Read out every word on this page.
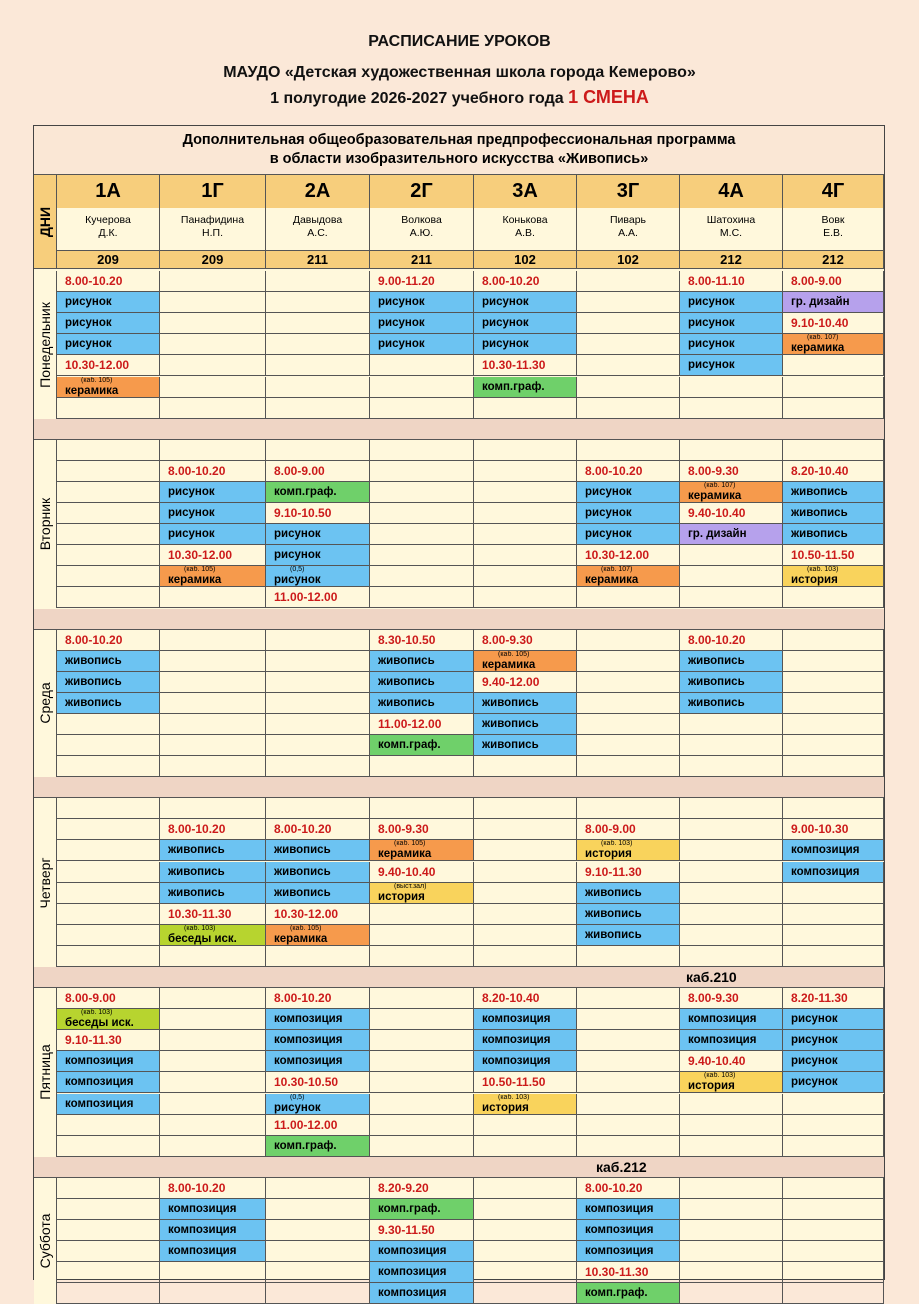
РАСПИСАНИЕ УРОКОВ
МАУДО «Детская художественная школа города Кемерово»
1 полугодие 2026-2027 учебного года 1 СМЕНА
Дополнительная общеобразовательная предпрофессиональная программа
в области изобразительного искусства «Живопись»
ДНИ
1А
Кучерова
Д.К.
209
1Г
Панафидина
Н.П.
209
2А
Давыдова
А.С.
211
2Г
Волкова
А.Ю.
211
3А
Конькова
А.В.
102
3Г
Пиварь
А.А.
102
4А
Шатохина
М.С.
212
4Г
Вовк
Е.В.
212
Понедельник
8.00-10.20
рисунок
рисунок
рисунок
10.30-12.00
(каб. 105)
керамика
9.00-11.20
рисунок
рисунок
рисунок
8.00-10.20
рисунок
рисунок
рисунок
10.30-11.30
комп.граф.
8.00-11.10
рисунок
рисунок
рисунок
рисунок
8.00-9.00
гр. дизайн
9.10-10.40
(каб. 107)
керамика
Вторник
8.00-10.20
рисунок
рисунок
рисунок
10.30-12.00
(каб. 105)
керамика
8.00-9.00
комп.граф.
9.10-10.50
рисунок
рисунок
(0,5)
рисунок
11.00-12.00
8.00-10.20
рисунок
рисунок
рисунок
10.30-12.00
(каб. 107)
керамика
8.00-9.30
(каб. 107)
керамика
9.40-10.40
гр. дизайн
8.20-10.40
живопись
живопись
живопись
10.50-11.50
(каб. 103)
история
Среда
8.00-10.20
живопись
живопись
живопись
8.30-10.50
живопись
живопись
живопись
11.00-12.00
комп.граф.
8.00-9.30
(каб. 105)
керамика
9.40-12.00
живопись
живопись
живопись
8.00-10.20
живопись
живопись
живопись
Четверг
8.00-10.20
живопись
живопись
живопись
10.30-11.30
(каб. 103)
беседы иск.
8.00-10.20
живопись
живопись
живопись
10.30-12.00
(каб. 105)
керамика
8.00-9.30
(каб. 105)
керамика
9.40-10.40
(выст.зал)
история
8.00-9.00
(каб. 103)
история
9.10-11.30
живопись
живопись
живопись
9.00-10.30
композиция
композиция
каб.210
Пятница
8.00-9.00
(каб. 103)
беседы иск.
9.10-11.30
композиция
композиция
композиция
8.00-10.20
композиция
композиция
композиция
10.30-10.50
(0,5)
рисунок
11.00-12.00
комп.граф.
8.20-10.40
композиция
композиция
композиция
10.50-11.50
(каб. 103)
история
8.00-9.30
композиция
композиция
9.40-10.40
(каб. 103)
история
8.20-11.30
рисунок
рисунок
рисунок
рисунок
каб.212
Суббота
8.00-10.20
композиция
композиция
композиция
8.20-9.20
комп.граф.
9.30-11.50
композиция
композиция
композиция
8.00-10.20
композиция
композиция
композиция
10.30-11.30
комп.граф.
